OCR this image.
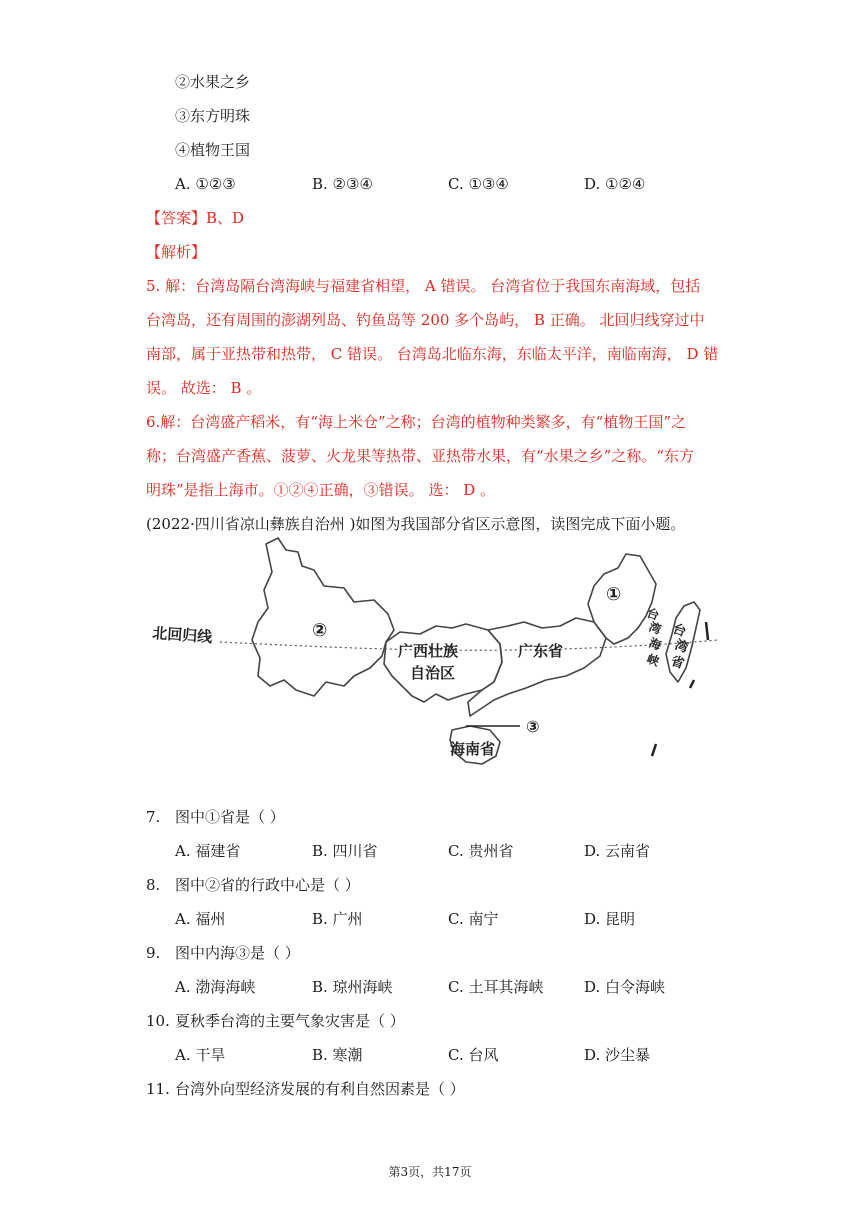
②水果之乡
③东方明珠
④植物王国
A. ①②③	B. ②③④	C. ①③④	D. ①②④
【答案】B、D
【解析】
5. 解：台湾岛隔台湾海峡与福建省相望， A 错误。 台湾省位于我国东南海域，包括
台湾岛，还有周围的澎湖列岛、钓鱼岛等 200 多个岛屿， B 正确。 北回归线穿过中
南部，属于亚热带和热带， C 错误。 台湾岛北临东海，东临太平洋，南临南海， D 错
误。 故选： B 。
6.解：台湾盛产稻米，有“海上米仓”之称；台湾的植物种类繁多，有“植物王国”之
称；台湾盛产香蕉、菠萝、火龙果等热带、亚热带水果，有“水果之乡”之称。“东方
明珠”是指上海市。①②④正确，③错误。 选： D 。
(2022·四川省凉山彝族自治州 )如图为我国部分省区示意图，读图完成下面小题。
北回归线	②
①
广西壮族
自治区
广东省
海南省
③
台
湾
海
峡
台
湾
省
7. 图中①省是（ ）
A. 福建省	B. 四川省	C. 贵州省	D. 云南省
8. 图中②省的行政中心是（ ）
A. 福州	B. 广州	C. 南宁	D. 昆明
9. 图中内海③是（ ）
A. 渤海海峡	B. 琼州海峡	C. 土耳其海峡	D. 白令海峡
10. 夏秋季台湾的主要气象灾害是（ ）
A. 干旱	B. 寒潮	C. 台风	D. 沙尘暴
11. 台湾外向型经济发展的有利自然因素是（ ）
第3页，共17页
